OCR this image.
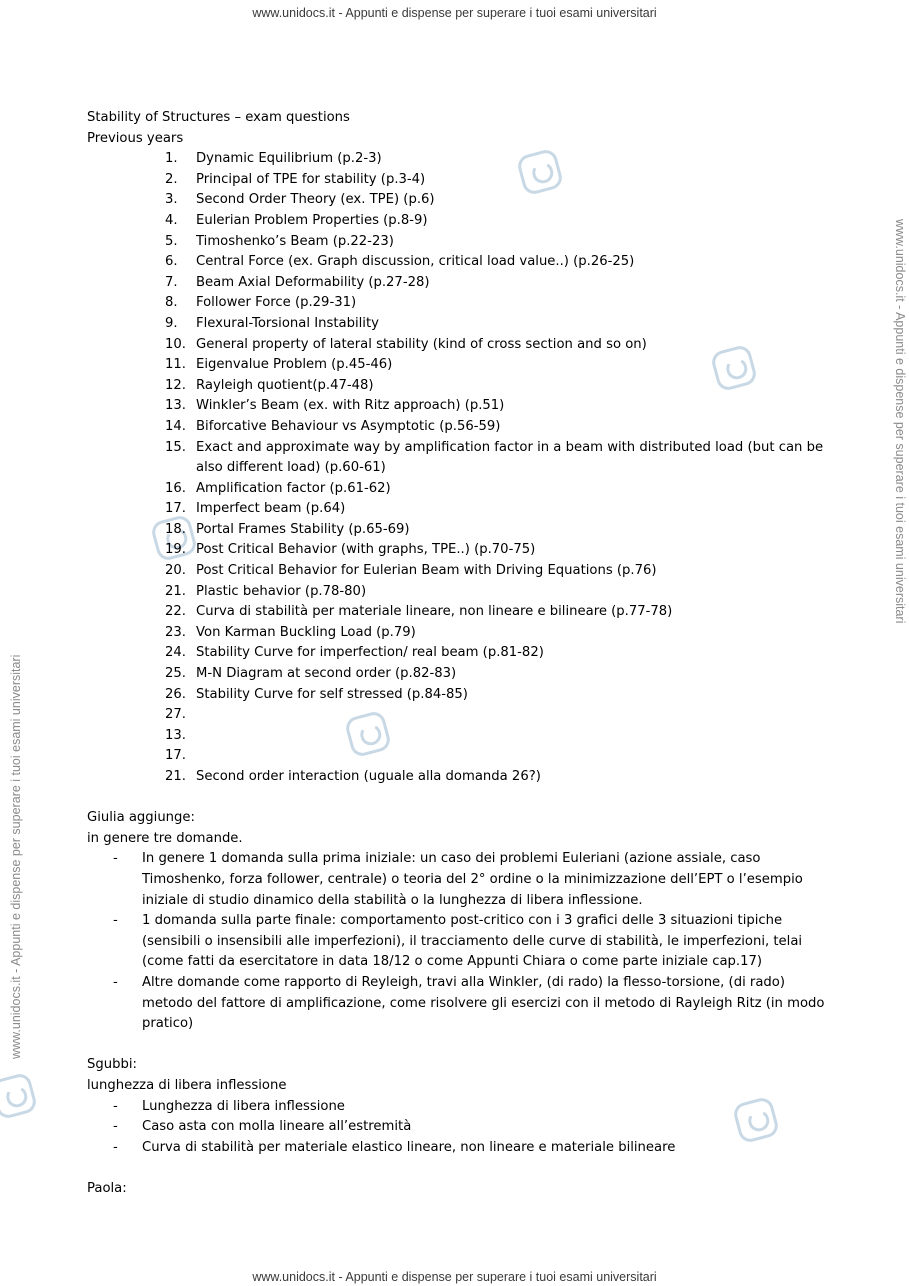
www.unidocs.it - Appunti e dispense per superare i tuoi esami universitari
www.unidocs.it - Appunti e dispense per superare i tuoi esami universitari
www.unidocs.it - Appunti e dispense per superare i tuoi esami universitari
www.unidocs.it - Appunti e dispense per superare i tuoi esami universitari

Stability of Structures – exam questions

Previous years

1.	Dynamic Equilibrium (p.2-3)
2.	Principal of TPE for stability (p.3-4)
3.	Second Order Theory (ex. TPE) (p.6)
4.	Eulerian Problem Properties (p.8-9)
5.	Timoshenko’s Beam (p.22-23)
6.	Central Force (ex. Graph discussion, critical load value..) (p.26-25)
7.	Beam Axial Deformability (p.27-28)
8.	Follower Force (p.29-31)
9.	Flexural-Torsional Instability
10. General property of lateral stability (kind of cross section and so on)
11. Eigenvalue Problem (p.45-46)
12. Rayleigh quotient(p.47-48)
13. Winkler’s Beam (ex. with Ritz approach) (p.51)
14. Biforcative Behaviour vs Asymptotic (p.56-59)
15. Exact and approximate way by amplification factor in a beam with distributed load (but can be also different load) (p.60-61)
16. Amplification factor (p.61-62)
17. Imperfect beam (p.64)
18. Portal Frames Stability (p.65-69)
19. Post Critical Behavior (with graphs, TPE..) (p.70-75)
20. Post Critical Behavior for Eulerian Beam with Driving Equations (p.76)
21. Plastic behavior (p.78-80)
22. Curva di stabilità per materiale lineare, non lineare e bilineare (p.77-78)
23. Von Karman Buckling Load (p.79)
24. Stability Curve for imperfection/ real beam (p.81-82)
25. M-N Diagram at second order (p.82-83)
26. Stability Curve for self stressed (p.84-85)
27.
13.
17.
21. Second order interaction (uguale alla domanda 26?)

Giulia aggiunge:

in genere tre domande.

-	In genere 1 domanda sulla prima iniziale: un caso dei problemi Euleriani (azione assiale, caso Timoshenko, forza follower, centrale) o teoria del 2° ordine o la minimizzazione dell’EPT o l’esempio iniziale di studio dinamico della stabilità o la lunghezza di libera inflessione.
-	1 domanda sulla parte finale: comportamento post-critico con i 3 grafici delle 3 situazioni tipiche (sensibili o insensibili alle imperfezioni), il tracciamento delle curve di stabilità, le imperfezioni, telai (come fatti da esercitatore in data 18/12 o come Appunti Chiara o come parte iniziale cap.17)
-	Altre domande come rapporto di Reyleigh, travi alla Winkler, (di rado) la flesso-torsione, (di rado) metodo del fattore di amplificazione, come risolvere gli esercizi con il metodo di Rayleigh Ritz (in modo pratico)

Sgubbi:

lunghezza di libera inflessione

-	Lunghezza di libera inflessione
-	Caso asta con molla lineare all’estremità
-	Curva di stabilità per materiale elastico lineare, non lineare e materiale bilineare

Paola:
